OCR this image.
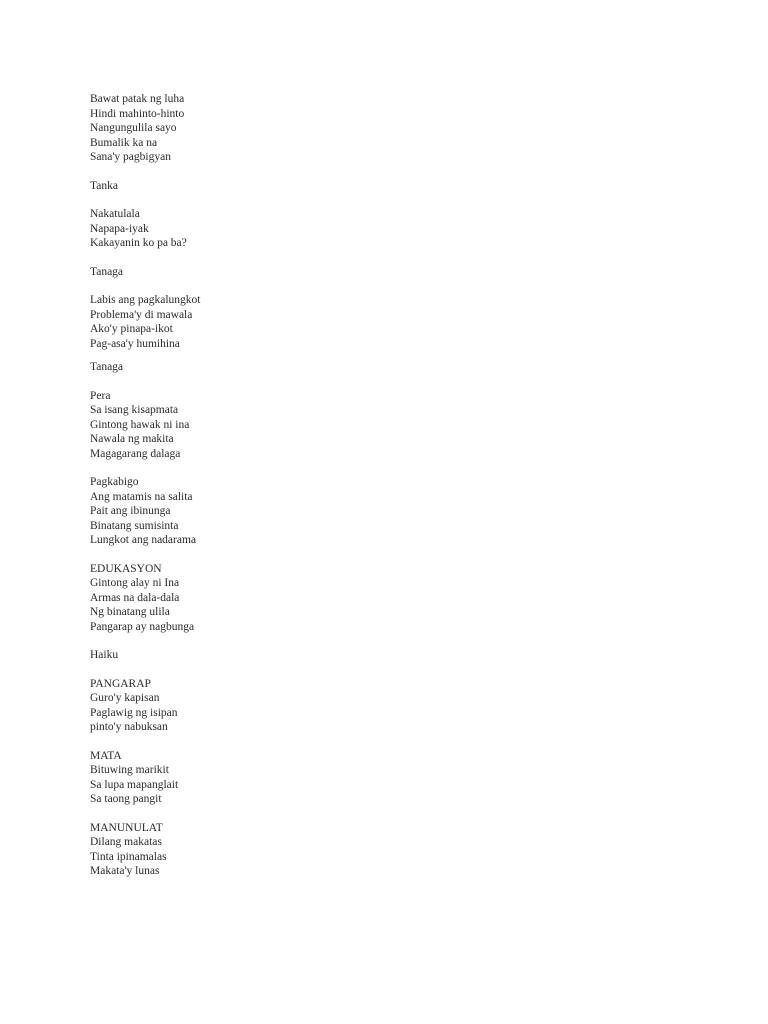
Bawat patak ng luha
Hindi mahinto-hinto
Nangungulila sayo
Bumalik ka na
Sana'y pagbigyan
Tanka
Nakatulala
Napapa-iyak
Kakayanin ko pa ba?
Tanaga
Labis ang pagkalungkot
Problema'y di mawala
Ako'y pinapa-ikot
Pag-asa'y humihina
Tanaga
Pera
Sa isang kisapmata
Gintong hawak ni ina
Nawala ng makita
Magagarang dalaga
Pagkabigo
Ang matamis na salita
Pait ang ibinunga
Binatang sumisinta
Lungkot ang nadarama
EDUKASYON
Gintong alay ni Ina
Armas na dala-dala
Ng binatang ulila
Pangarap ay nagbunga
Haiku
PANGARAP
Guro'y kapisan
Paglawig ng isipan
pinto'y nabuksan
MATA
Bituwing marikit
Sa lupa mapanglait
Sa taong pangit
MANUNULAT
Dilang makatas
Tinta ipinamalas
Makata'y lunas
